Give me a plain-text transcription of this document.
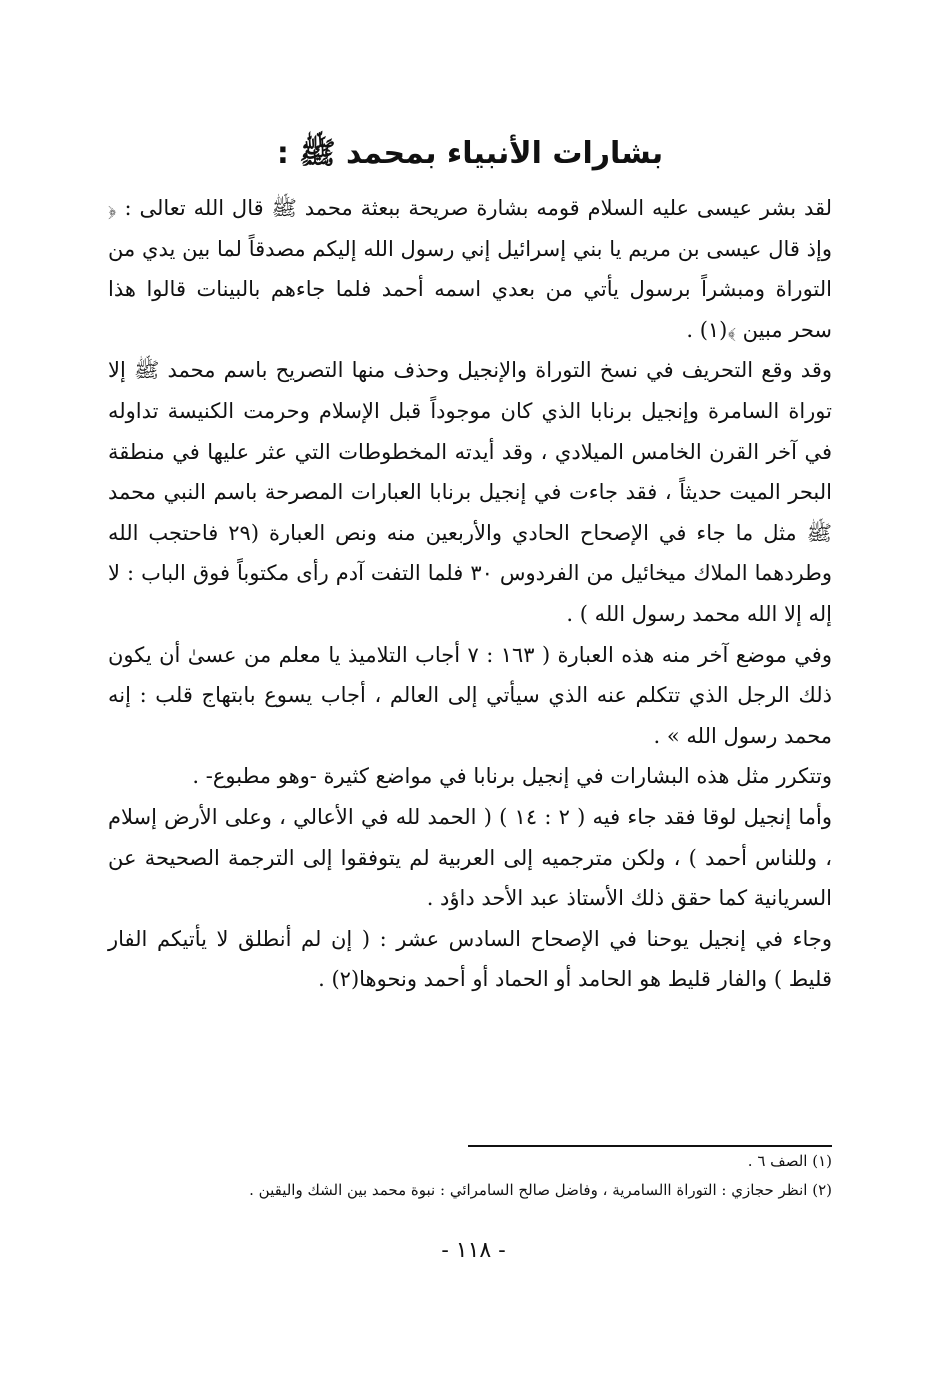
بشارات الأنبياء بمحمد ﷺ :

لقد بشر عيسى عليه السلام قومه بشارة صريحة ببعثة محمد ﷺ قال الله تعالى : ﴿ وإذ قال عيسى بن مريم يا بني إسرائيل إني رسول الله إليكم مصدقاً لما بين يدي من التوراة ومبشراً برسول يأتي من بعدي اسمه أحمد فلما جاءهم بالبينات قالوا هذا سحر مبين ﴾(١) .

وقد وقع التحريف في نسخ التوراة والإنجيل وحذف منها التصريح باسم محمد ﷺ إلا توراة السامرة وإنجيل برنابا الذي كان موجوداً قبل الإسلام وحرمت الكنيسة تداوله في آخر القرن الخامس الميلادي ، وقد أيدته المخطوطات التي عثر عليها في منطقة البحر الميت حديثاً ، فقد جاءت في إنجيل برنابا العبارات المصرحة باسم النبي محمد ﷺ مثل ما جاء في الإصحاح الحادي والأربعين منه ونص العبارة (٢٩ فاحتجب الله وطردهما الملاك ميخائيل من الفردوس ٣٠ فلما التفت آدم رأى مكتوباً فوق الباب : لا إله إلا الله محمد رسول الله ) .

وفي موضع آخر منه هذه العبارة ( ١٦٣ : ٧ أجاب التلاميذ يا معلم من عسىٰ أن يكون ذلك الرجل الذي تتكلم عنه الذي سيأتي إلى العالم ، أجاب يسوع بابتهاج قلب : إنه محمد رسول الله » .

وتتكرر مثل هذه البشارات في إنجيل برنابا في مواضع كثيرة -وهو مطبوع- .

وأما إنجيل لوقا فقد جاء فيه ( ٢ : ١٤ ) ( الحمد لله في الأعالي ، وعلى الأرض إسلام ، وللناس أحمد ) ، ولكن مترجميه إلى العربية لم يتوفقوا إلى الترجمة الصحيحة عن السريانية كما حقق ذلك الأستاذ عبد الأحد داؤد .

وجاء في إنجيل يوحنا في الإصحاح السادس عشر : ( إن لم أنطلق لا يأتيكم الفار قليط ) والفار قليط هو الحامد أو الحماد أو أحمد ونحوها(٢) .

(١) الصف ٦ .

(٢) انظر حجازي : التوراة االسامرية ، وفاضل صالح السامرائي : نبوة محمد بين الشك واليقين .

- ١١٨ -
